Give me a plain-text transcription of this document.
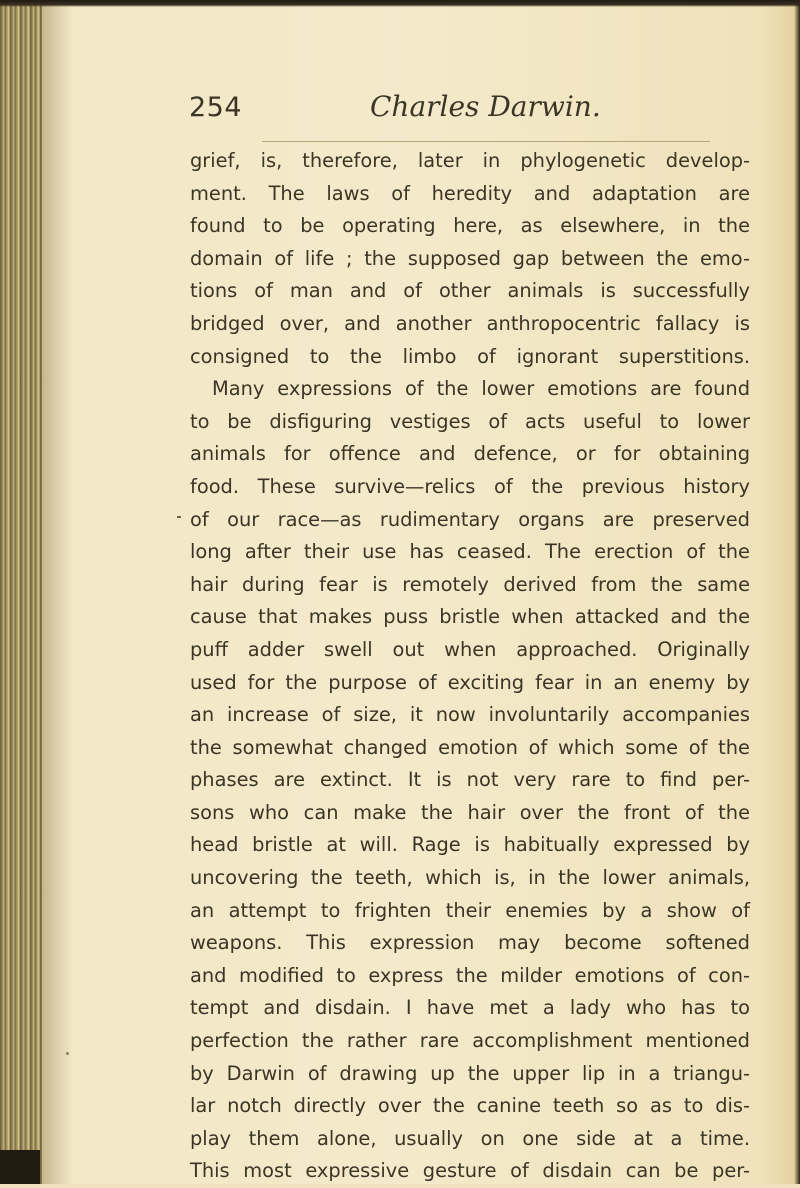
254	Charles Darwin.
grief, is, therefore, later in phylogenetic develop-
ment. The laws of heredity and adaptation are
found to be operating here, as elsewhere, in the
domain of life ; the supposed gap between the emo-
tions of man and of other animals is successfully
bridged over, and another anthropocentric fallacy is
consigned to the limbo of ignorant superstitions.
Many expressions of the lower emotions are found
to be disfiguring vestiges of acts useful to lower
animals for offence and defence, or for obtaining
food. These survive—relics of the previous history
of our race—as rudimentary organs are preserved
long after their use has ceased. The erection of the
hair during fear is remotely derived from the same
cause that makes puss bristle when attacked and the
puff adder swell out when approached. Originally
used for the purpose of exciting fear in an enemy by
an increase of size, it now involuntarily accompanies
the somewhat changed emotion of which some of the
phases are extinct. It is not very rare to find per-
sons who can make the hair over the front of the
head bristle at will. Rage is habitually expressed by
uncovering the teeth, which is, in the lower animals,
an attempt to frighten their enemies by a show of
weapons. This expression may become softened
and modified to express the milder emotions of con-
tempt and disdain. I have met a lady who has to
perfection the rather rare accomplishment mentioned
by Darwin of drawing up the upper lip in a triangu-
lar notch directly over the canine teeth so as to dis-
play them alone, usually on one side at a time.
This most expressive gesture of disdain can be per-
